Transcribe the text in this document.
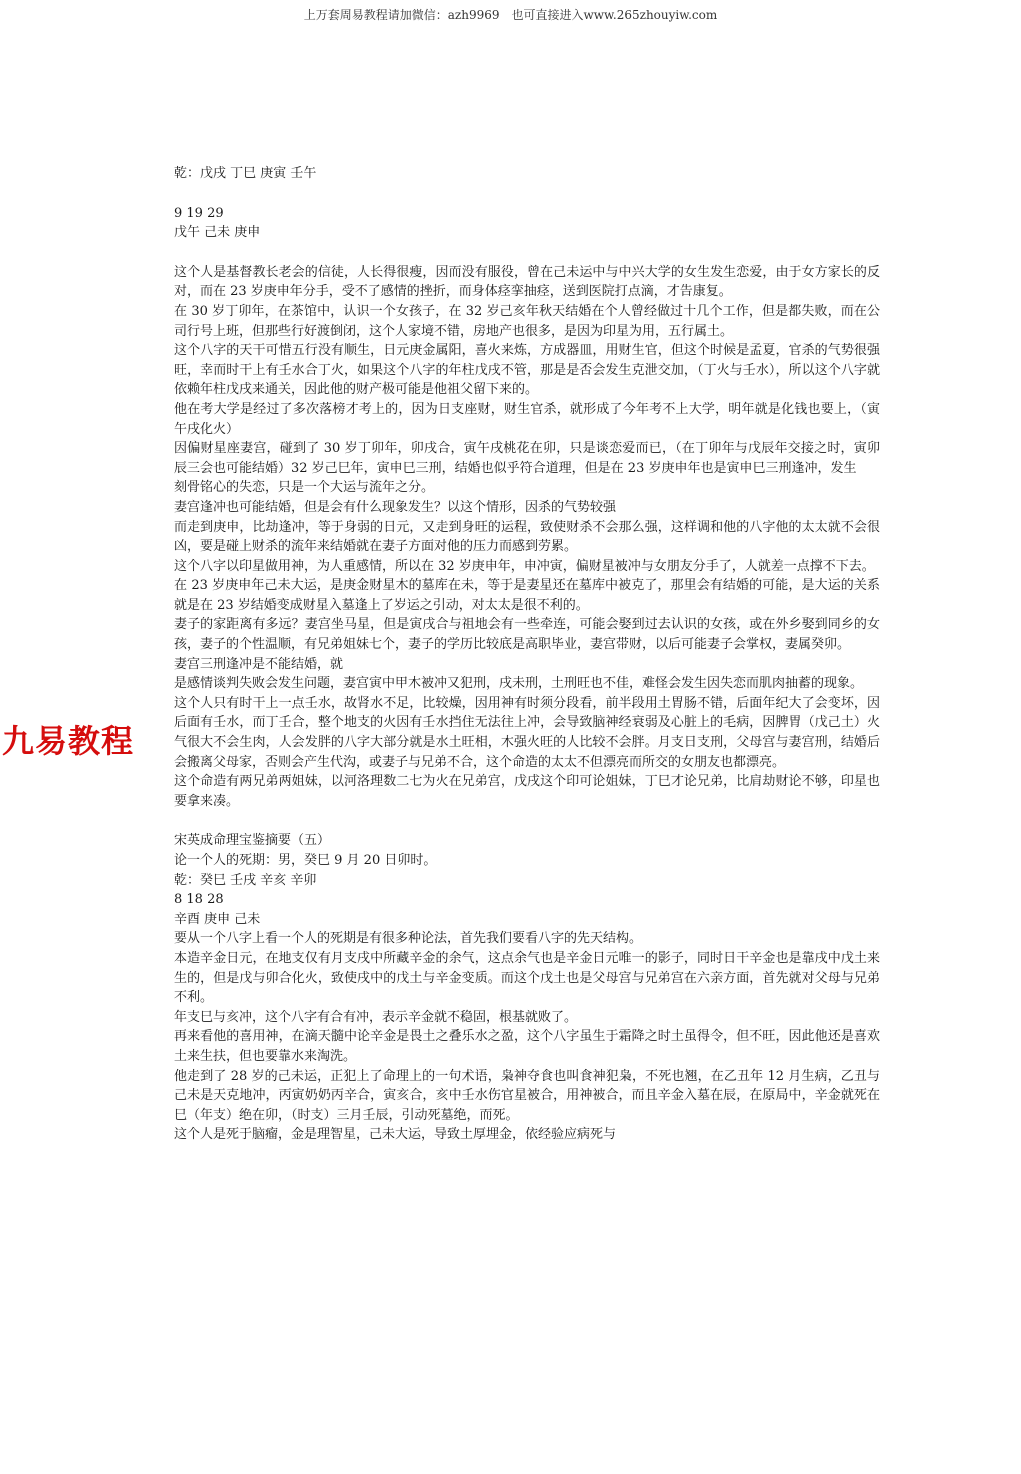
上万套周易教程请加微信：azh9969　也可直接进入www.265zhouyiw.com
九易教程

乾：戊戌 丁巳 庚寅 壬午

9 19 29

戊午 己未 庚申

这个人是基督教长老会的信徒，人长得很瘦，因而没有服役，曾在己未运中与中兴大学的女生发生恋爱，由于女方家长的反对，而在 23 岁庚申年分手，受不了感情的挫折，而身体痉挛抽痉，送到医院打点滴，才告康复。

在 30 岁丁卯年，在茶馆中，认识一个女孩子，在 32 岁己亥年秋天结婚在个人曾经做过十几个工作，但是都失败，而在公司行号上班，但那些行好渡倒闭，这个人家境不错，房地产也很多，是因为印星为用，五行属土。

这个八字的天干可惜五行没有顺生，日元庚金属阳，喜火来炼，方成器皿，用财生官，但这个时候是孟夏，官杀的气势很强旺，幸而时干上有壬水合丁火，如果这个八字的年柱戊戌不管，那是是否会发生克泄交加，（丁火与壬水），所以这个八字就依赖年柱戊戌来通关，因此他的财产极可能是他祖父留下来的。

他在考大学是经过了多次落榜才考上的，因为日支座财，财生官杀，就形成了今年考不上大学，明年就是化钱也要上，（寅午戌化火）

因偏财星座妻宫，碰到了 30 岁丁卯年，卯戌合，寅午戌桃花在卯，只是谈恋爱而已，（在丁卯年与戊辰年交接之时，寅卯辰三会也可能结婚）32 岁己巳年，寅申巳三刑，结婚也似乎符合道理，但是在 23 岁庚申年也是寅申巳三刑逢冲，发生

刻骨铭心的失恋，只是一个大运与流年之分。

妻宫逢冲也可能结婚，但是会有什么现象发生？以这个情形，因杀的气势较强

而走到庚申，比劫逢冲，等于身弱的日元，又走到身旺的运程，致使财杀不会那么强，这样调和他的八字他的太太就不会很凶，要是碰上财杀的流年来结婚就在妻子方面对他的压力而感到劳累。

这个八字以印星做用神，为人重感情，所以在 32 岁庚申年，申冲寅，偏财星被冲与女朋友分手了，人就差一点撑不下去。

在 23 岁庚申年己未大运，是庚金财星木的墓库在未，等于是妻星还在墓库中被克了，那里会有结婚的可能，是大运的关系就是在 23 岁结婚变成财星入墓逢上了岁运之引动，对太太是很不利的。

妻子的家距离有多远？妻宫坐马星，但是寅戌合与祖地会有一些牵连，可能会娶到过去认识的女孩，或在外乡娶到同乡的女孩，妻子的个性温顺，有兄弟姐妹七个，妻子的学历比较底是高职毕业，妻宫带财，以后可能妻子会掌权，妻属癸卯。

妻宫三刑逢冲是不能结婚，就

是感情谈判失败会发生问题，妻宫寅中甲木被冲又犯刑，戌未刑，土刑旺也不佳，难怪会发生因失恋而肌肉抽蓄的现象。

这个人只有时干上一点壬水，故肾水不足，比较燥，因用神有时须分段看，前半段用土胃肠不错，后面年纪大了会变坏，因后面有壬水，而丁壬合，整个地支的火因有壬水挡住无法往上冲，会导致脑神经衰弱及心脏上的毛病，因脾胃（戊己土）火气很大不会生肉，人会发胖的八字大部分就是水土旺相，木强火旺的人比较不会胖。月支日支刑，父母宫与妻宫刑，结婚后会搬离父母家，否则会产生代沟，或妻子与兄弟不合，这个命造的太太不但漂亮而所交的女朋友也都漂亮。

这个命造有两兄弟两姐妹，以河洛理数二七为火在兄弟宫，戊戌这个印可论姐妹，丁巳才论兄弟，比肩劫财论不够，印星也要拿来凑。

宋英成命理宝鉴摘要（五）

论一个人的死期：男，癸巳 9 月 20 日卯时。

乾：癸巳 壬戌 辛亥 辛卯

8 18 28

辛酉 庚申 己未

要从一个八字上看一个人的死期是有很多种论法，首先我们要看八字的先天结构。

本造辛金日元，在地支仅有月支戌中所藏辛金的余气，这点余气也是辛金日元唯一的影子，同时日干辛金也是靠戌中戊土来生的，但是戊与卯合化火，致使戌中的戊土与辛金变质。而这个戊土也是父母宫与兄弟宫在六亲方面，首先就对父母与兄弟不利。

年支巳与亥冲，这个八字有合有冲，表示辛金就不稳固，根基就败了。

再来看他的喜用神，在滴天髓中论辛金是畏土之叠乐水之盈，这个八字虽生于霜降之时土虽得令，但不旺，因此他还是喜欢土来生扶，但也要靠水来淘洗。

他走到了 28 岁的己未运，正犯上了命理上的一句术语，枭神夺食也叫食神犯枭，不死也翘，在乙丑年 12 月生病，乙丑与己未是天克地冲，丙寅奶奶丙辛合，寅亥合，亥中壬水伤官星被合，用神被合，而且辛金入墓在辰，在原局中，辛金就死在巳（年支）绝在卯，（时支）三月壬辰，引动死墓绝，而死。

这个人是死于脑瘤，金是理智星，己未大运，导致土厚埋金，依经验应病死与
